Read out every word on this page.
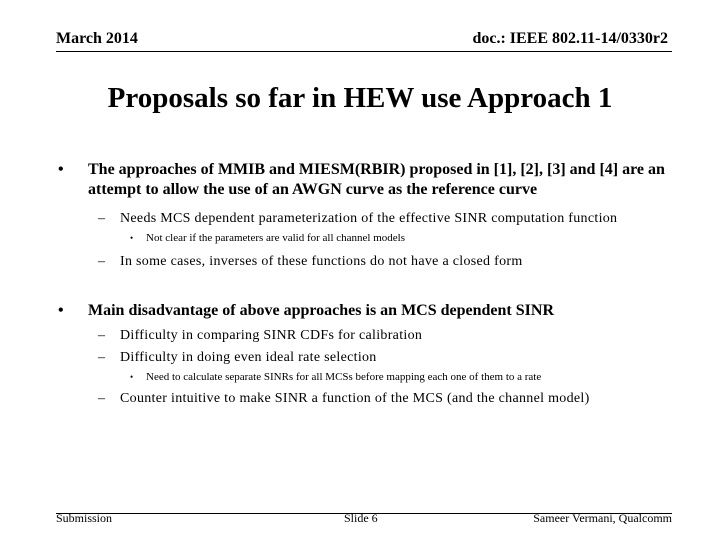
March 2014	doc.: IEEE 802.11-14/0330r2
Proposals so far in HEW use Approach 1
•	The approaches of MMIB and MIESM(RBIR) proposed in [1], [2], [3] and [4] are an attempt to allow the use of an AWGN curve as the reference curve
– Needs MCS dependent parameterization of the effective SINR computation function
• Not clear if the parameters are valid for all channel models
– In some cases, inverses of these functions do not have a closed form
•	Main disadvantage of above approaches is an MCS dependent SINR
– Difficulty in comparing SINR CDFs for calibration
– Difficulty in doing even ideal rate selection
• Need to calculate separate SINRs for all MCSs before mapping each one of them to a rate
– Counter intuitive to make SINR a function of the MCS (and the channel model)
Submission	Slide 6	Sameer Vermani, Qualcomm
